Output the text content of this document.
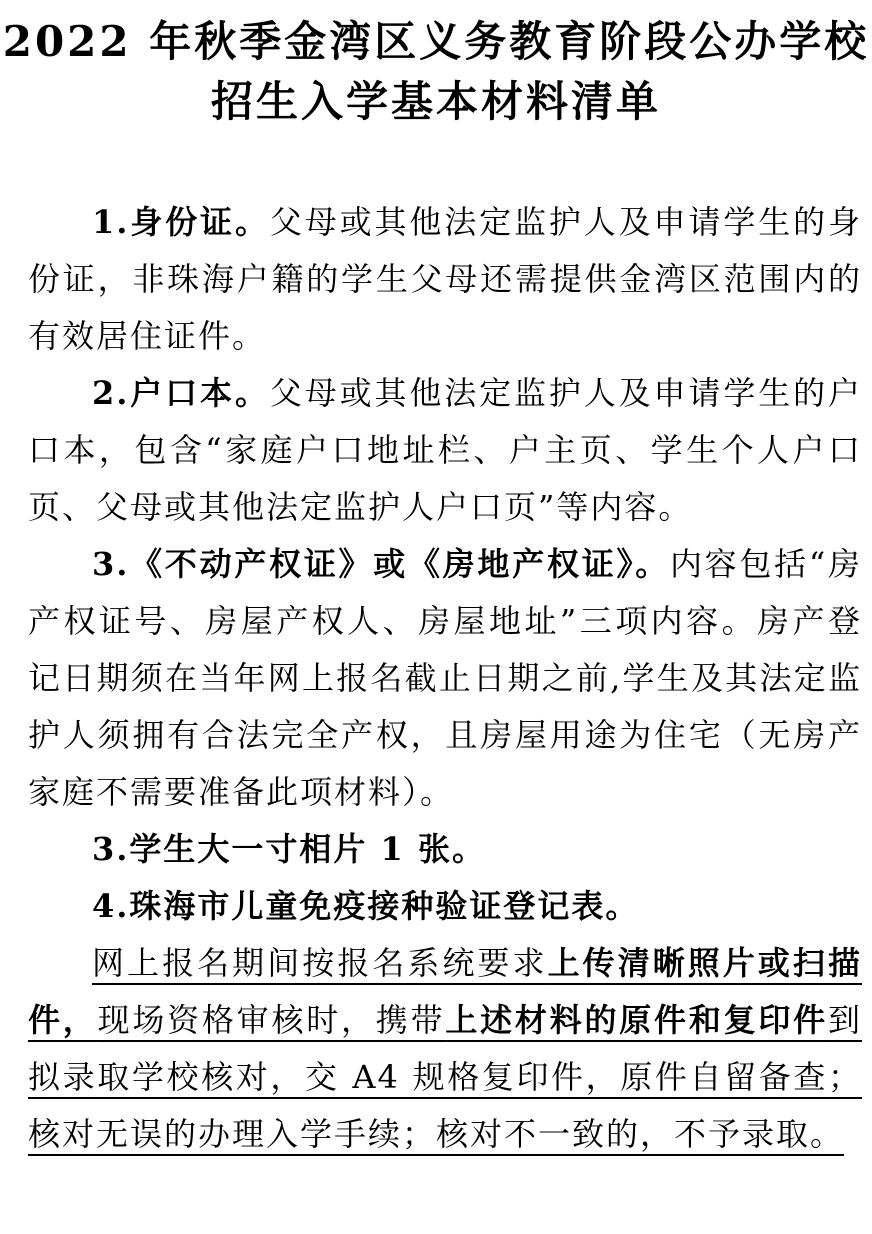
2022 年秋季金湾区义务教育阶段公办学校
招生入学基本材料清单

1.身份证。父母或其他法定监护人及申请学生的身份证，非珠海户籍的学生父母还需提供金湾区范围内的有效居住证件。

2.户口本。父母或其他法定监护人及申请学生的户口本，包含“家庭户口地址栏、户主页、学生个人户口页、父母或其他法定监护人户口页”等内容。

3.《不动产权证》或《房地产权证》。内容包括“房产权证号、房屋产权人、房屋地址”三项内容。房产登记日期须在当年网上报名截止日期之前,学生及其法定监护人须拥有合法完全产权，且房屋用途为住宅（无房产家庭不需要准备此项材料）。

3.学生大一寸相片 1 张。

4.珠海市儿童免疫接种验证登记表。

网上报名期间按报名系统要求上传清晰照片或扫描件，现场资格审核时，携带上述材料的原件和复印件到拟录取学校核对，交 A4 规格复印件，原件自留备查；核对无误的办理入学手续；核对不一致的，不予录取。
